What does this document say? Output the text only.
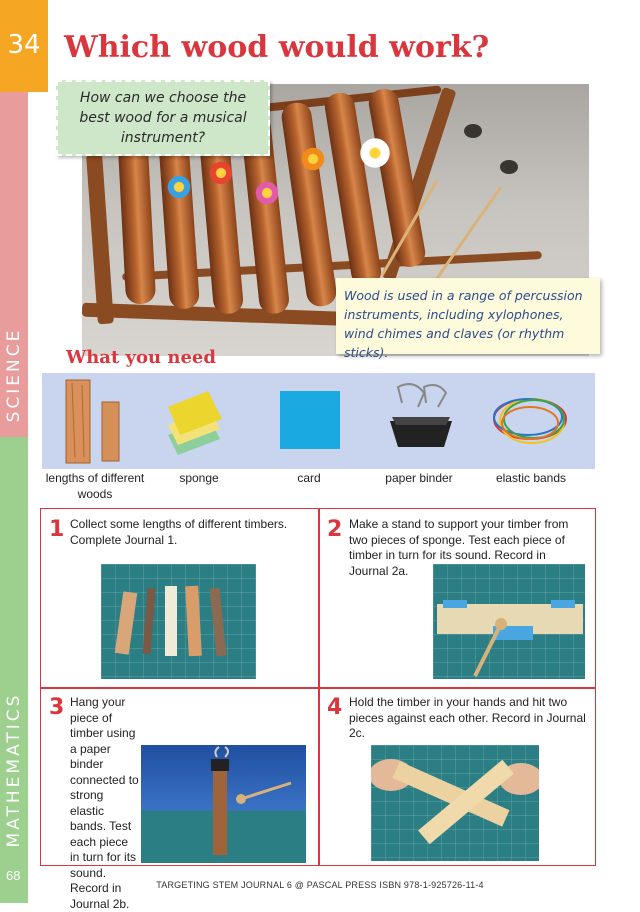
34
SCIENCE
MATHEMATICS
68
Which wood would work?
How can we choose the best wood for a musical instrument?
Wood is used in a range of percussion instruments, including xylophones, wind chimes and claves (or rhythm sticks).
What you need
lengths of different woods
sponge	card	paper binder	elastic bands
1 Collect some lengths of different timbers. Complete Journal 1.	2 Make a stand to support your timber from two pieces of sponge. Test each piece of timber in turn for its sound. Record in Journal 2a.
3 Hang your piece of timber using a paper binder connected to strong elastic bands. Test each piece in turn for its sound. Record in Journal 2b.
4 Hold the timber in your hands and hit two pieces against each other. Record in Journal 2c.
TARGETING STEM JOURNAL 6 @ PASCAL PRESS ISBN 978-1-925726-11-4
